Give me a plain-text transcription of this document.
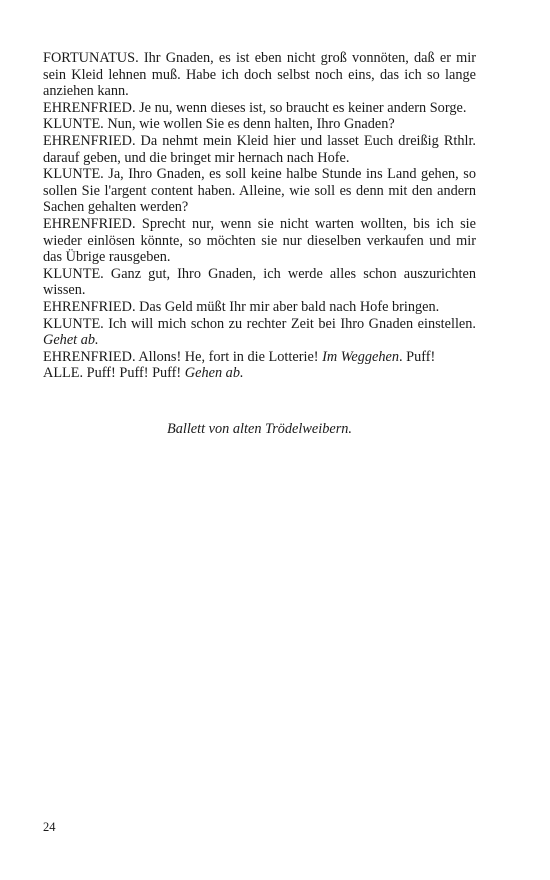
FORTUNATUS. Ihr Gnaden, es ist eben nicht groß vonnöten, daß er mir sein Kleid lehnen muß. Habe ich doch selbst noch eins, das ich so lange anziehen kann.

EHRENFRIED. Je nu, wenn dieses ist, so braucht es keiner andern Sorge.

KLUNTE. Nun, wie wollen Sie es denn halten, Ihro Gnaden?

EHRENFRIED. Da nehmt mein Kleid hier und lasset Euch dreißig Rthlr. darauf geben, und die bringet mir hernach nach Hofe.

KLUNTE. Ja, Ihro Gnaden, es soll keine halbe Stunde ins Land gehen, so sollen Sie l'argent content haben. Alleine, wie soll es denn mit den andern Sachen gehalten werden?

EHRENFRIED. Sprecht nur, wenn sie nicht warten wollten, bis ich sie wieder einlösen könnte, so möchten sie nur dieselben verkaufen und mir das Übrige rausgeben.

KLUNTE. Ganz gut, Ihro Gnaden, ich werde alles schon auszurichten wissen.

EHRENFRIED. Das Geld müßt Ihr mir aber bald nach Hofe bringen.

KLUNTE. Ich will mich schon zu rechter Zeit bei Ihro Gnaden einstellen. Gehet ab.

EHRENFRIED. Allons! He, fort in die Lotterie! Im Weggehen. Puff!

ALLE. Puff! Puff! Puff! Gehen ab.

Ballett von alten Trödelweibern.

24
